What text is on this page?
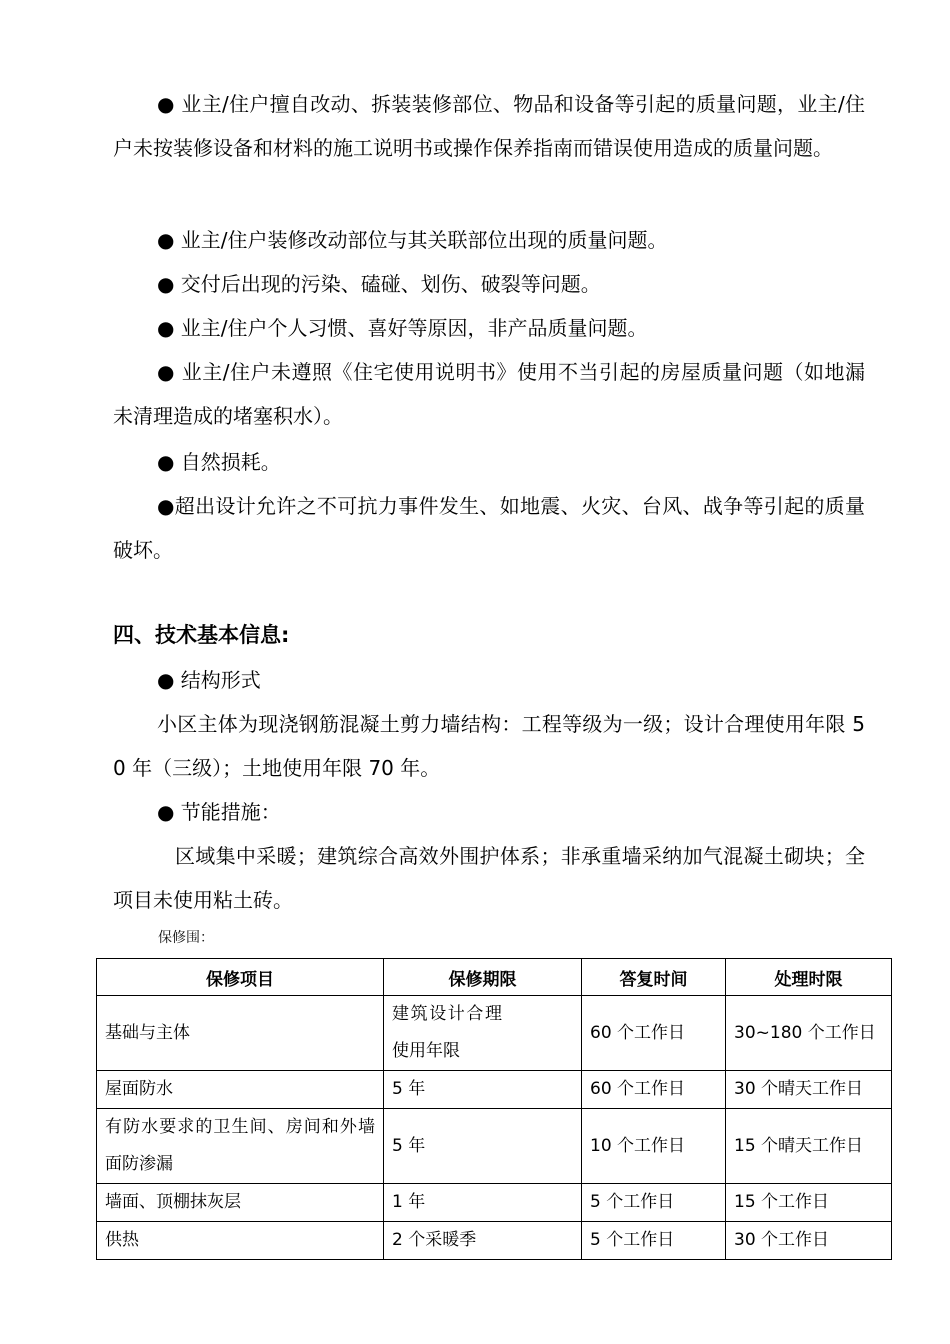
● 业主/住户擅自改动、拆装装修部位、物品和设备等引起的质量问题，业主/住户未按装修设备和材料的施工说明书或操作保养指南而错误使用造成的质量问题。

● 业主/住户装修改动部位与其关联部位出现的质量问题。

● 交付后出现的污染、磕碰、划伤、破裂等问题。

● 业主/住户个人习惯、喜好等原因，非产品质量问题。

● 业主/住户未遵照《住宅使用说明书》使用不当引起的房屋质量问题（如地漏未清理造成的堵塞积水）。

● 自然损耗。

●超出设计允许之不可抗力事件发生、如地震、火灾、台风、战争等引起的质量破坏。

四、技术基本信息:

● 结构形式

小区主体为现浇钢筋混凝土剪力墙结构：工程等级为一级；设计合理使用年限 50 年（三级）；土地使用年限 70 年。

● 节能措施：

区域集中采暖；建筑综合高效外围护体系；非承重墙采纳加气混凝土砌块；全项目未使用粘土砖。

保修围：

保修项目	保修期限	答复时间	处理时限
基础与主体	建筑设计合理使用年限	60 个工作日	30~180 个工作日

屋面防水	5 年	60 个工作日	30 个晴天工作日

有防水要求的卫生间、房间和外墙面防渗漏	5 年	10 个工作日	15 个晴天工作日
墙面、顶棚抹灰层	1 年	5 个工作日	15 个工作日
供热	2 个采暖季	5 个工作日	30 个工作日
